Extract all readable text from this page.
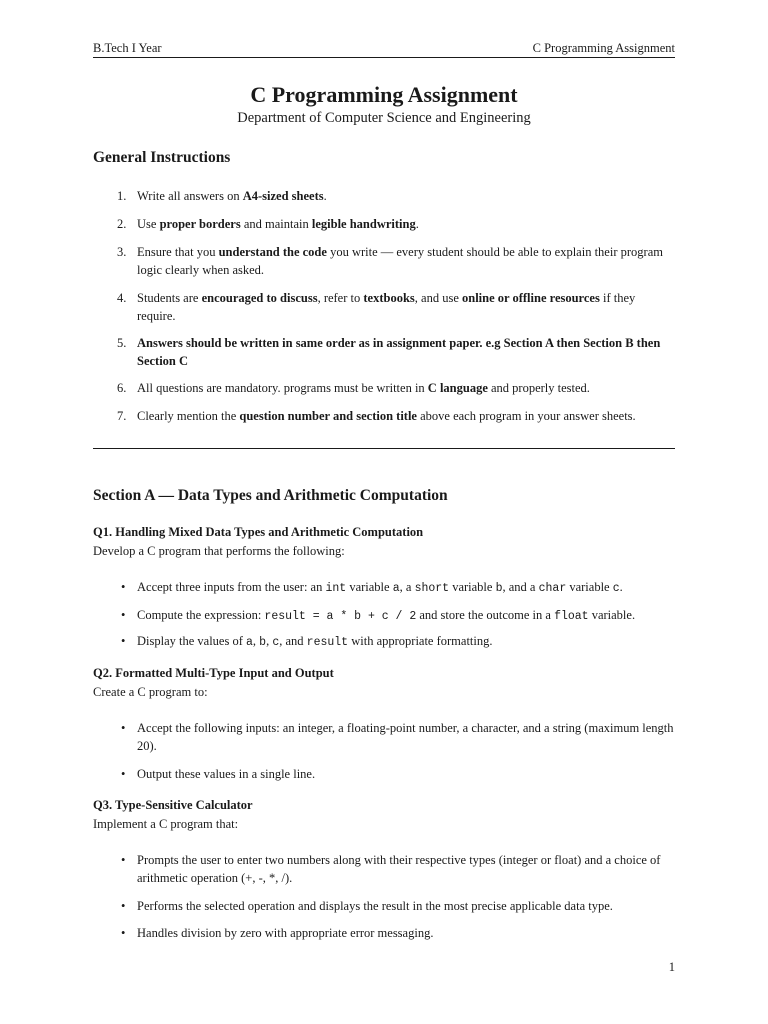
B.Tech I Year	C Programming Assignment
C Programming Assignment
Department of Computer Science and Engineering
General Instructions
1. Write all answers on A4-sized sheets.
2. Use proper borders and maintain legible handwriting.
3. Ensure that you understand the code you write — every student should be able to explain their program logic clearly when asked.
4. Students are encouraged to discuss, refer to textbooks, and use online or offline resources if they require.
5. Answers should be written in same order as in assignment paper. e.g Section A then Section B then Section C
6. All questions are mandatory. programs must be written in C language and properly tested.
7. Clearly mention the question number and section title above each program in your answer sheets.
Section A — Data Types and Arithmetic Computation
Q1. Handling Mixed Data Types and Arithmetic Computation
Develop a C program that performs the following:
• Accept three inputs from the user: an int variable a, a short variable b, and a char variable c.
• Compute the expression: result = a * b + c / 2 and store the outcome in a float variable.
• Display the values of a, b, c, and result with appropriate formatting.
Q2. Formatted Multi-Type Input and Output
Create a C program to:
• Accept the following inputs: an integer, a floating-point number, a character, and a string (maximum length 20).
• Output these values in a single line.
Q3. Type-Sensitive Calculator
Implement a C program that:
• Prompts the user to enter two numbers along with their respective types (integer or float) and a choice of arithmetic operation (+, -, *, /).
• Performs the selected operation and displays the result in the most precise applicable data type.
• Handles division by zero with appropriate error messaging.
1
